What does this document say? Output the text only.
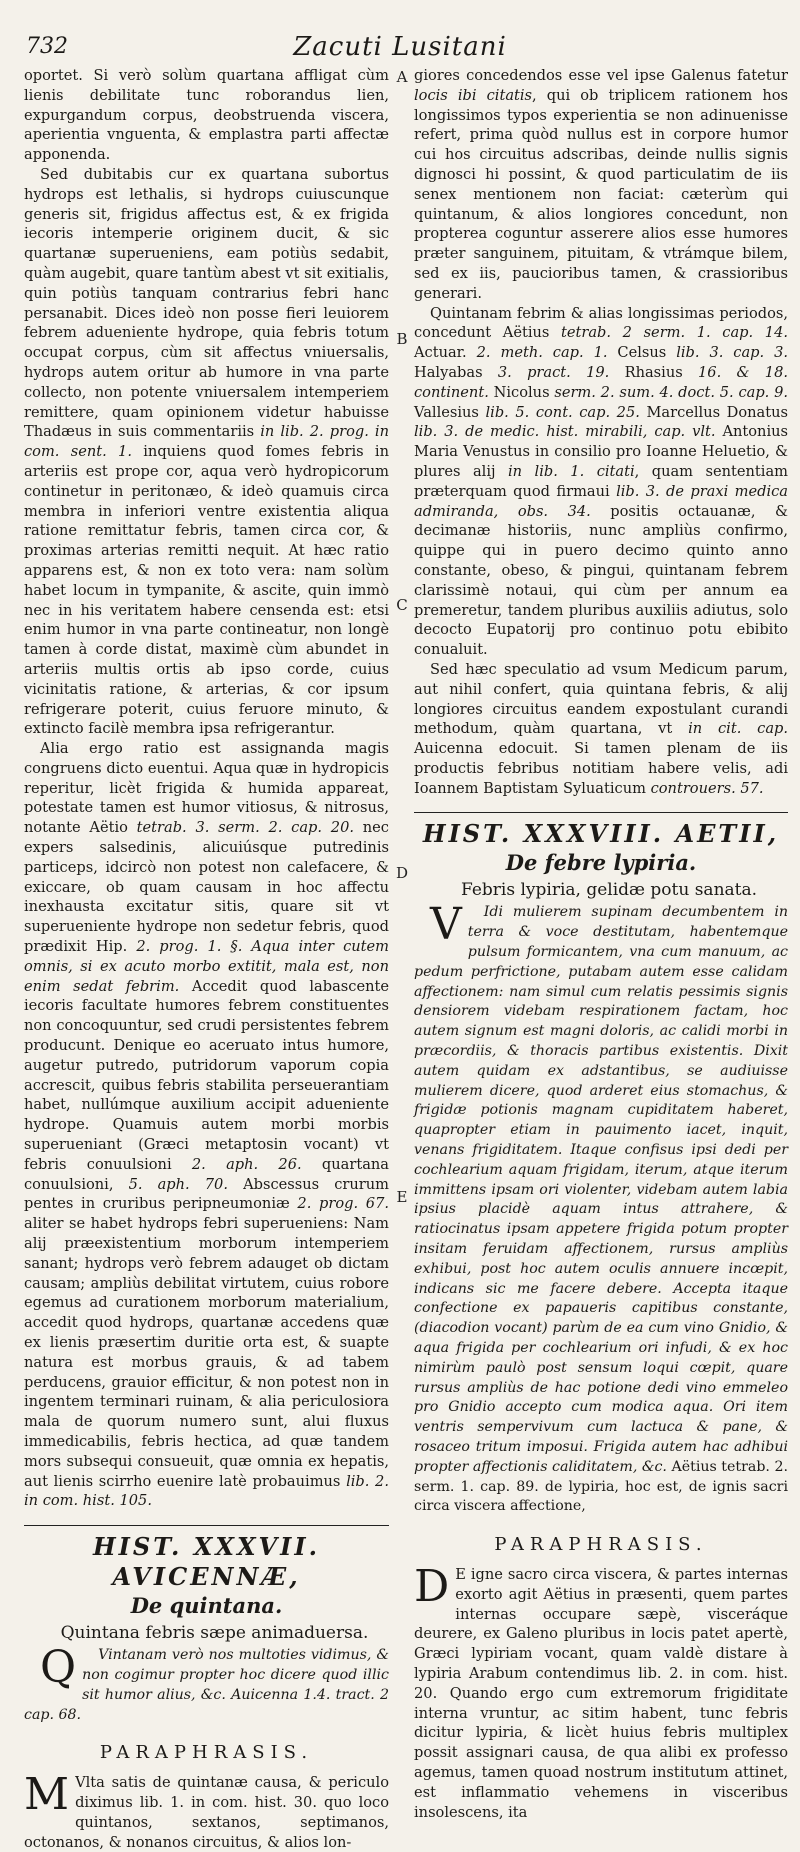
732	Zacuti Lusitani
A
B
C
D
E

oportet. Si verò solùm quartana affligat cùm lienis debilitate tunc roborandus lien, expurgandum corpus, deobstruenda viscera, aperientia vnguenta, & emplastra parti affectæ apponenda.

Sed dubitabis cur ex quartana subortus hydrops est lethalis, si hydrops cuiuscunque generis sit, frigidus affectus est, & ex frigida iecoris intemperie originem ducit, & sic quartanæ superueniens, eam potiùs sedabit, quàm augebit, quare tantùm abest vt sit exitialis, quin potiùs tanquam contrarius febri hanc persanabit. Dices ideò non posse fieri leuiorem febrem adueniente hydrope, quia febris totum occupat corpus, cùm sit affectus vniuersalis, hydrops autem oritur ab humore in vna parte collecto, non potente vniuersalem intemperiem remittere, quam opinionem videtur habuisse Thadæus in suis commentariis in lib. 2. prog. in com. sent. 1. inquiens quod fomes febris in arteriis est prope cor, aqua verò hydropicorum continetur in peritonæo, & ideò quamuis circa membra in inferiori ventre existentia aliqua ratione remittatur febris, tamen circa cor, & proximas arterias remitti nequit. At hæc ratio apparens est, & non ex toto vera: nam solùm habet locum in tympanite, & ascite, quin immò nec in his veritatem habere censenda est: etsi enim humor in vna parte contineatur, non longè tamen à corde distat, maximè cùm abundet in arteriis multis ortis ab ipso corde, cuius vicinitatis ratione, & arterias, & cor ipsum refrigerare poterit, cuius feruore minuto, & extincto facilè membra ipsa refrigerantur.

Alia ergo ratio est assignanda magis congruens dicto euentui. Aqua quæ in hydropicis reperitur, licèt frigida & humida appareat, potestate tamen est humor vitiosus, & nitrosus, notante Aëtio tetrab. 3. serm. 2. cap. 20. nec expers salsedinis, alicuiúsque putredinis particeps, idcircò non potest non calefacere, & exiccare, ob quam causam in hoc affectu inexhausta excitatur sitis, quare sit vt superueniente hydrope non sedetur febris, quod prædixit Hip. 2. prog. 1. §. Aqua inter cutem omnis, si ex acuto morbo extitit, mala est, non enim sedat febrim. Accedit quod labascente iecoris facultate humores febrem constituentes non concoquuntur, sed crudi persistentes febrem producunt. Denique eo aceruato intus humore, augetur putredo, putridorum vaporum copia accrescit, quibus febris stabilita perseuerantiam habet, nullúmque auxilium accipit adueniente hydrope. Quamuis autem morbi morbis superueniant (Græci metaptosin vocant) vt febris conuulsioni 2. aph. 26. quartana conuulsioni, 5. aph. 70. Abscessus crurum pentes in cruribus peripneumoniæ 2. prog. 67. aliter se habet hydrops febri superueniens: Nam alij præexistentium morborum intemperiem sanant; hydrops verò febrem adauget ob dictam causam; ampliùs debilitat virtutem, cuius robore egemus ad curationem morborum materialium, accedit quod hydrops, quartanæ accedens quæ ex lienis præsertim duritie orta est, & suapte natura est morbus grauis, & ad tabem perducens, grauior efficitur, & non potest non in ingentem terminari ruinam, & alia periculosiora mala de quorum numero sunt, alui fluxus immedicabilis, febris hectica, ad quæ tandem mors subsequi consueuit, quæ omnia ex hepatis, aut lienis scirrho euenire latè probauimus lib. 2. in com. hist. 105.

HIST. XXXVII. AVICENNÆ,
De quintana.

Quintana febris sæpe animaduersa.

Q Vintanam verò nos multoties vidimus, & non cogimur propter hoc dicere quod illic sit humor alius, &c. Auicenna 1.4. tract. 2 cap. 68.

PARAPHRASIS.

M Vlta satis de quintanæ causa, & periculo diximus lib. 1. in com. hist. 30. quo loco quintanos, sextanos, septimanos, octonanos, & nonanos circuitus, & alios lon-

giores concedendos esse vel ipse Galenus fatetur locis ibi citatis, qui ob triplicem rationem hos longissimos typos experientia se non adinuenisse refert, prima quòd nullus est in corpore humor cui hos circuitus adscribas, deinde nullis signis dignosci hi possint, & quod particulatim de iis senex mentionem non faciat: cæterùm qui quintanum, & alios longiores concedunt, non propterea coguntur asserere alios esse humores præter sanguinem, pituitam, & vtrámque bilem, sed ex iis, paucioribus tamen, & crassioribus generari.

Quintanam febrim & alias longissimas periodos, concedunt Aëtius tetrab. 2 serm. 1. cap. 14. Actuar. 2. meth. cap. 1. Celsus lib. 3. cap. 3. Halyabas 3. pract. 19. Rhasius 16. & 18. continent. Nicolus serm. 2. sum. 4. doct. 5. cap. 9. Vallesius lib. 5. cont. cap. 25. Marcellus Donatus lib. 3. de medic. hist. mirabili, cap. vlt. Antonius Maria Venustus in consilio pro Ioanne Heluetio, & plures alij in lib. 1. citati, quam sententiam præterquam quod firmaui lib. 3. de praxi medica admiranda, obs. 34. positis octauanæ, & decimanæ historiis, nunc ampliùs confirmo, quippe qui in puero decimo quinto anno constante, obeso, & pingui, quintanam febrem clarissimè notaui, qui cùm per annum ea premeretur, tandem pluribus auxiliis adiutus, solo decocto Eupatorij pro continuo potu ebibito conualuit.

Sed hæc speculatio ad vsum Medicum parum, aut nihil confert, quia quintana febris, & alij longiores circuitus eandem expostulant curandi methodum, quàm quartana, vt in cit. cap. Auicenna edocuit. Si tamen plenam de iis productis febribus notitiam habere velis, adi Ioannem Baptistam Syluaticum controuers. 57.

HIST. XXXVIII. AETII,
De febre lypiria.

Febris lypiria, gelidæ potu sanata.

V Idi mulierem supinam decumbentem in terra & voce destitutam, habentemque pulsum formicantem, vna cum manuum, ac pedum perfrictione, putabam autem esse calidam affectionem: nam simul cum relatis pessimis signis densiorem videbam respirationem factam, hoc autem signum est magni doloris, ac calidi morbi in præcordiis, & thoracis partibus existentis. Dixit autem quidam ex adstantibus, se audiuisse mulierem dicere, quod arderet eius stomachus, & frigidæ potionis magnam cupiditatem haberet, quapropter etiam in pauimento iacet, inquit, venans frigiditatem. Itaque confisus ipsi dedi per cochlearium aquam frigidam, iterum, atque iterum immittens ipsam ori violenter, videbam autem labia ipsius placidè aquam intus attrahere, & ratiocinatus ipsam appetere frigida potum propter insitam feruidam affectionem, rursus ampliùs exhibui, post hoc autem oculis annuere incœpit, indicans sic me facere debere. Accepta itaque confectione ex papaueris capitibus constante, (diacodion vocant) parùm de ea cum vino Gnidio, & aqua frigida per cochlearium ori infudi, & ex hoc nimirùm paulò post sensum loqui cœpit, quare rursus ampliùs de hac potione dedi vino emmeleo pro Gnidio accepto cum modica aqua. Ori item ventris sempervivum cum lactuca & pane, & rosaceo tritum imposui. Frigida autem hac adhibui propter affectionis caliditatem, &c. Aëtius tetrab. 2. serm. 1. cap. 89. de lypiria, hoc est, de ignis sacri circa viscera affectione,

PARAPHRASIS.

D E igne sacro circa viscera, & partes internas exorto agit Aëtius in præsenti, quem partes internas occupare sæpè, visceráque deurere, ex Galeno pluribus in locis patet apertè, Græci lypiriam vocant, quam valdè distare à lypiria Arabum contendimus lib. 2. in com. hist. 20. Quando ergo cum extremorum frigiditate interna vruntur, ac sitim habent, tunc febris dicitur lypiria, & licèt huius febris multiplex possit assignari causa, de qua alibi ex professo agemus, tamen quoad nostrum institutum attinet, est inflammatio vehemens in visceribus insolescens, ita
